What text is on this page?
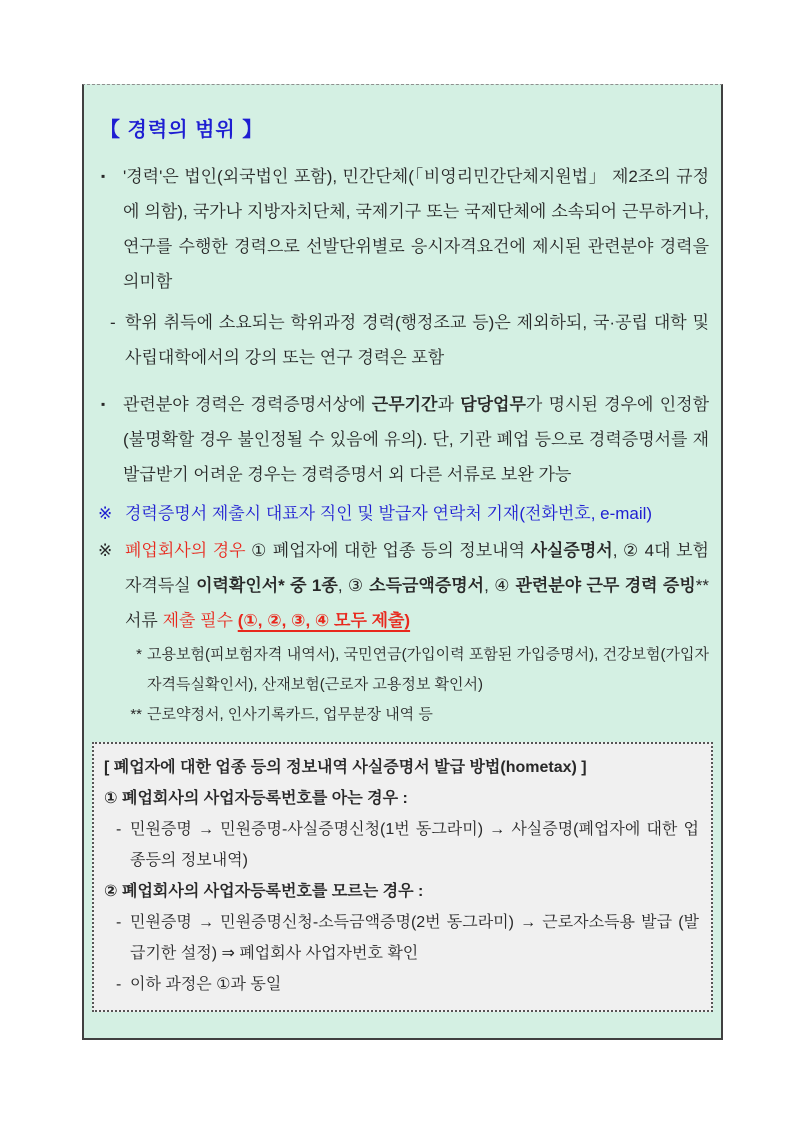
【 경력의 범위 】
▪	'경력'은 법인(외국법인 포함), 민간단체(「비영리민간단체지원법」 제2조의 규정에 의함), 국가나 지방자치단체, 국제기구 또는 국제단체에 소속되어 근무하거나, 연구를 수행한 경력으로 선발단위별로 응시자격요건에 제시된 관련분야 경력을 의미함
- 학위 취득에 소요되는 학위과정 경력(행정조교 등)은 제외하되, 국·공립 대학 및 사립대학에서의 강의 또는 연구 경력은 포함
▪	관련분야 경력은 경력증명서상에 근무기간과 담당업무가 명시된 경우에 인정함 (불명확할 경우 불인정될 수 있음에 유의). 단, 기관 폐업 등으로 경력증명서를 재발급받기 어려운 경우는 경력증명서 외 다른 서류로 보완 가능
※ 경력증명서 제출시 대표자 직인 및 발급자 연락처 기재(전화번호, e-mail)
※ 폐업회사의 경우 ① 폐업자에 대한 업종 등의 정보내역 사실증명서, ② 4대 보험 자격득실 이력확인서* 중 1종, ③ 소득금액증명서, ④ 관련분야 근무 경력 증빙**서류 제출 필수 (①, ②, ③, ④ 모두 제출)
* 고용보험(피보험자격 내역서), 국민연금(가입이력 포함된 가입증명서), 건강보험(가입자 자격득실확인서), 산재보험(근로자 고용정보 확인서)
** 근로약정서, 인사기록카드, 업무분장 내역 등
[ 폐업자에 대한 업종 등의 정보내역 사실증명서 발급 방법(hometax) ]
① 폐업회사의 사업자등록번호를 아는 경우 :
- 민원증명 → 민원증명-사실증명신청(1번 동그라미) → 사실증명(폐업자에 대한 업종등의 정보내역)
② 폐업회사의 사업자등록번호를 모르는 경우 :
- 민원증명 → 민원증명신청-소득금액증명(2번 동그라미) → 근로자소득용 발급 (발급기한 설정) ⇒ 폐업회사 사업자번호 확인
- 이하 과정은 ①과 동일
